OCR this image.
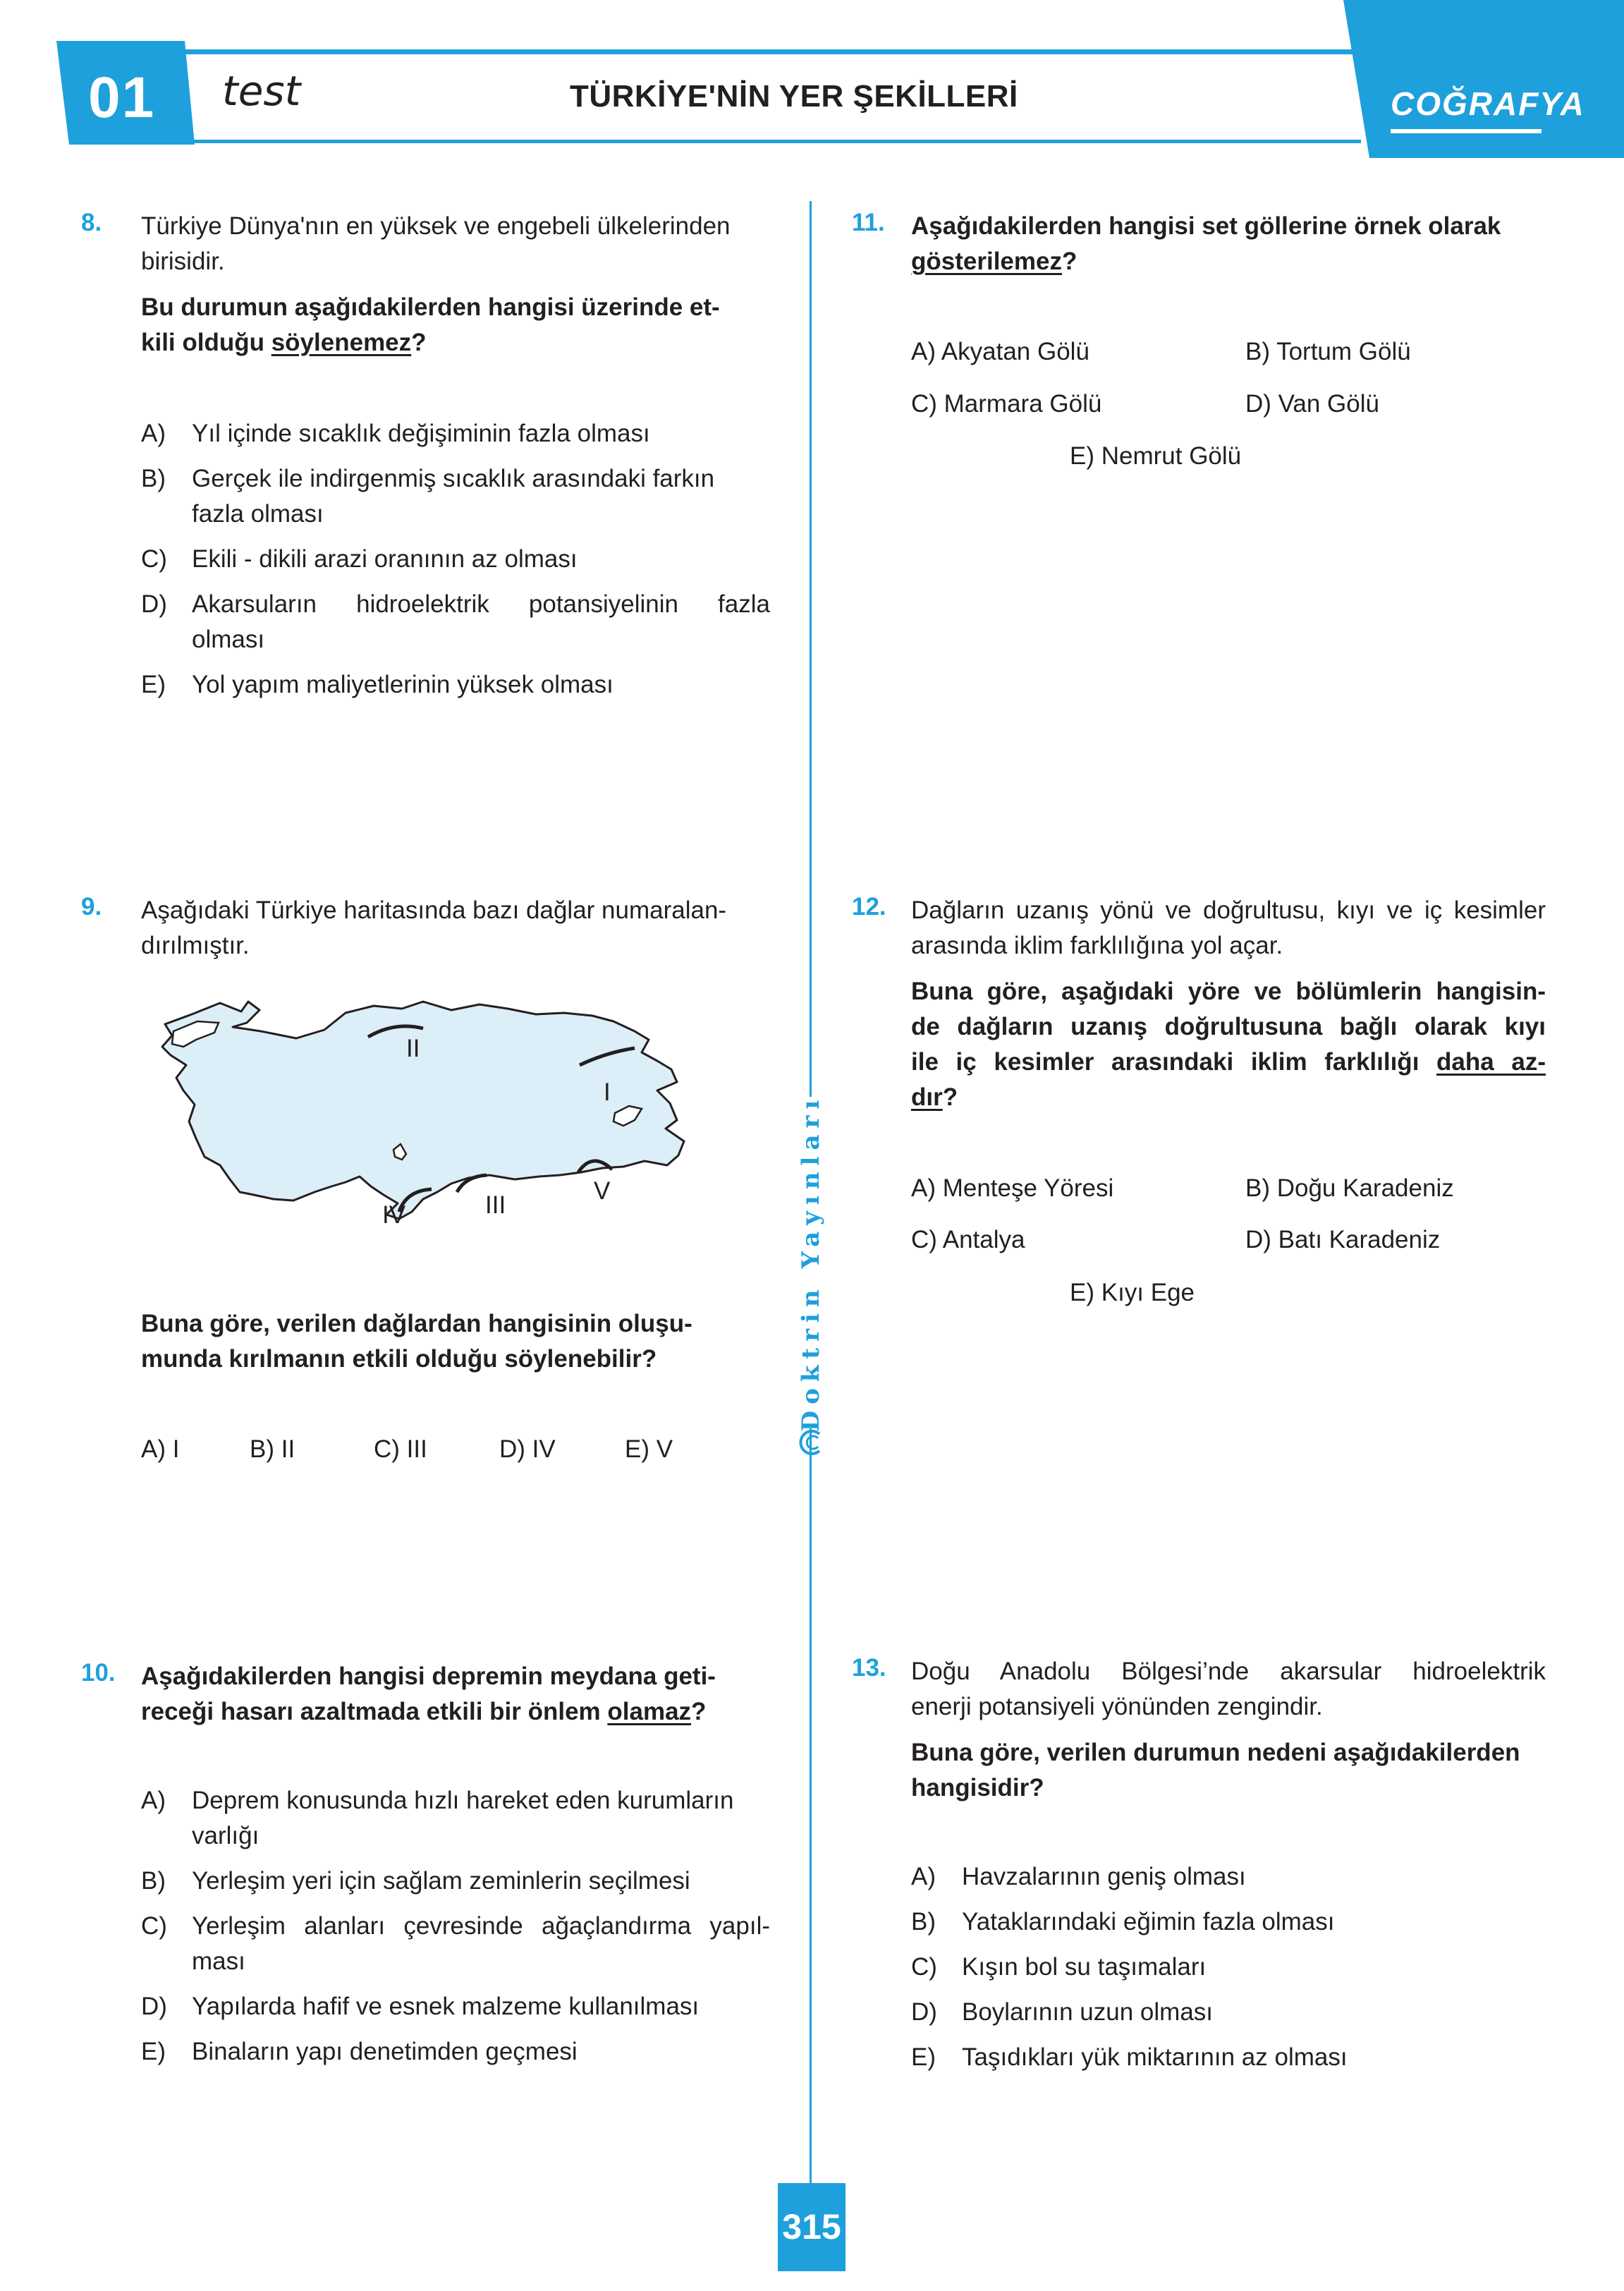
01 test	TÜRKİYE'NİN YER ŞEKİLLERİ	COĞRAFYA
Doktrin Yayınları
315
8. Türkiye Dünya'nın en yüksek ve engebeli ülkelerinden
birisidir.
Bu durumun aşağıdakilerden hangisi üzerinde et-
kili olduğu söylenemez?
A)	Yıl içinde sıcaklık değişiminin fazla olması
B)	Gerçek ile indirgenmiş sıcaklık arasındaki farkın
fazla olması
C)	Ekili - dikili arazi oranının az olması
D)	Akarsuların hidroelektrik potansiyelinin fazla
olması
E)	Yol yapım maliyetlerinin yüksek olması
9. Aşağıdaki Türkiye haritasında bazı dağlar numaralan-
dırılmıştır.
I
II
III
IV
V
Buna göre, verilen dağlardan hangisinin oluşu-
munda kırılmanın etkili olduğu söylenebilir?
A) I	B) II	C) III	D) IV	E) V
10. Aşağıdakilerden hangisi depremin meydana geti-
receği hasarı azaltmada etkili bir önlem olamaz?
A)	Deprem konusunda hızlı hareket eden kurumların
varlığı
B)	Yerleşim yeri için sağlam zeminlerin seçilmesi
C)	Yerleşim alanları çevresinde ağaçlandırma yapıl-
ması
D)	Yapılarda hafif ve esnek malzeme kullanılması
E)	Binaların yapı denetimden geçmesi
11. Aşağıdakilerden hangisi set göllerine örnek olarak
gösterilemez?
A) Akyatan Gölü	B) Tortum Gölü
C) Marmara Gölü	D) Van Gölü
E) Nemrut Gölü
12. Dağların uzanış yönü ve doğrultusu, kıyı ve iç kesimler
arasında iklim farklılığına yol açar.
Buna göre, aşağıdaki yöre ve bölümlerin hangisin-
de dağların uzanış doğrultusuna bağlı olarak kıyı
ile iç kesimler arasındaki iklim farklılığı daha az-
dır?
A) Menteşe Yöresi	B) Doğu Karadeniz
C) Antalya	D) Batı Karadeniz
E) Kıyı Ege
13. Doğu Anadolu Bölgesi’nde akarsular hidroelektrik
enerji potansiyeli yönünden zengindir.
Buna göre, verilen durumun nedeni aşağıdakilerden
hangisidir?
A)	Havzalarının geniş olması
B)	Yataklarındaki eğimin fazla olması
C)	Kışın bol su taşımaları
D)	Boylarının uzun olması
E)	Taşıdıkları yük miktarının az olması
